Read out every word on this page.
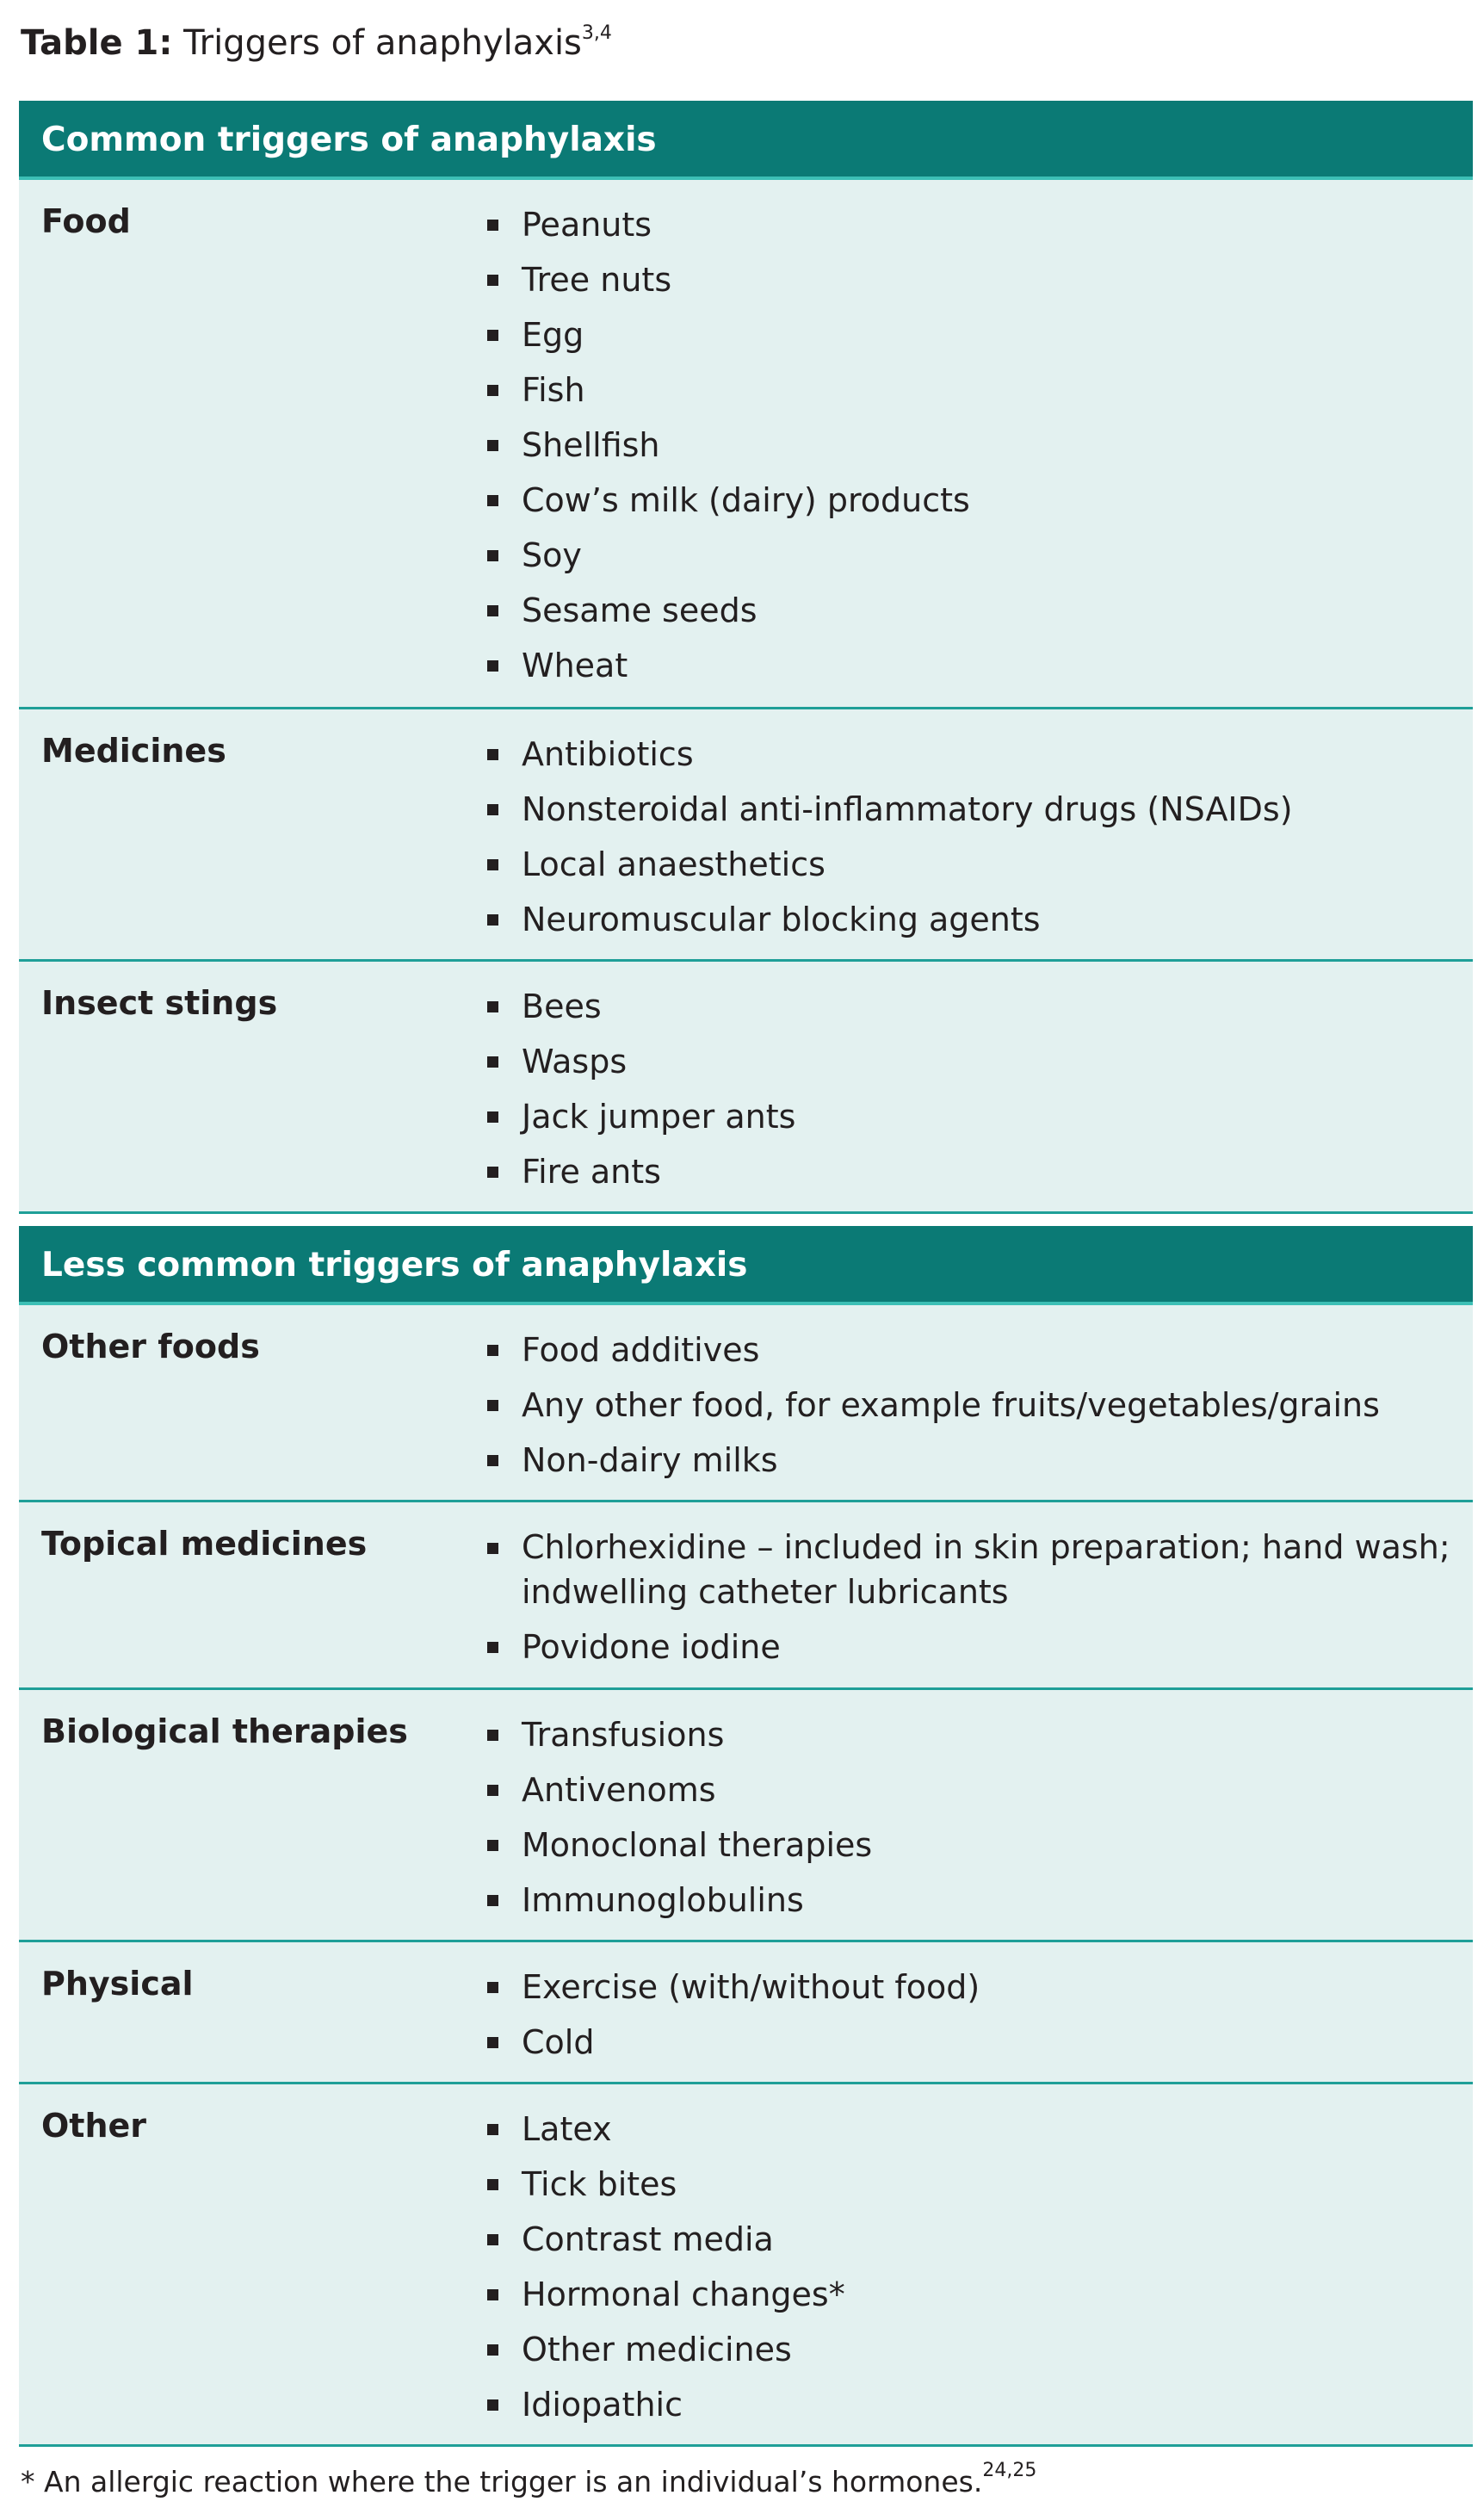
Table 1: Triggers of anaphylaxis$^{3,4}$
Common triggers of anaphylaxis
Food	Peanuts
Tree nuts
Egg
Fish
Shellfish
Cow’s milk (dairy) products
Soy
Sesame seeds
Wheat
Medicines	Antibiotics
Nonsteroidal anti-inflammatory drugs (NSAIDs)
Local anaesthetics
Neuromuscular blocking agents
Insect stings	Bees
Wasps
Jack jumper ants
Fire ants
Less common triggers of anaphylaxis
Other foods	Food additives
Any other food, for example fruits/vegetables/grains
Non-dairy milks
Topical medicines	Chlorhexidine – included in skin preparation; hand wash; indwelling catheter lubricants
Povidone iodine
Biological therapies	Transfusions
Antivenoms
Monoclonal therapies
Immunoglobulins
Physical	Exercise (with/without food)
Cold
Other	Latex
Tick bites
Contrast media
Hormonal changes*
Other medicines
Idiopathic
* An allergic reaction where the trigger is an individual’s hormones.$^{24,25}$
